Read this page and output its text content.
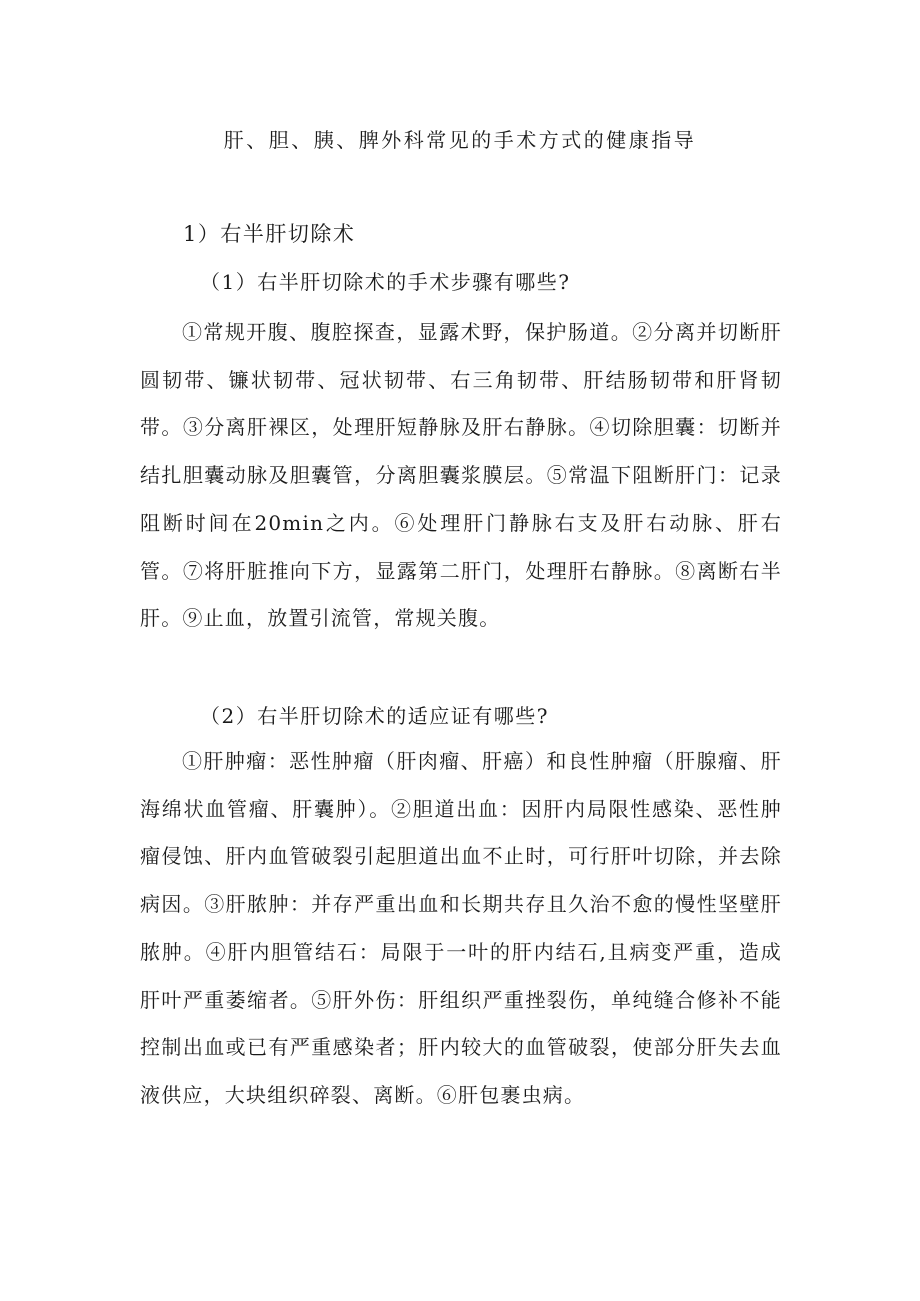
肝、胆、胰、脾外科常见的手术方式的健康指导
1）右半肝切除术
（1）右半肝切除术的手术步骤有哪些?

①常规开腹、腹腔探查，显露术野，保护肠道。②分离并切断肝圆韧带、镰状韧带、冠状韧带、右三角韧带、肝结肠韧带和肝肾韧带。③分离肝裸区，处理肝短静脉及肝右静脉。④切除胆囊：切断并结扎胆囊动脉及胆囊管，分离胆囊浆膜层。⑤常温下阻断肝门：记录阻断时间在20min之内。⑥处理肝门静脉右支及肝右动脉、肝右管。⑦将肝脏推向下方，显露第二肝门，处理肝右静脉。⑧离断右半肝。⑨止血，放置引流管，常规关腹。

（2）右半肝切除术的适应证有哪些?

①肝肿瘤：恶性肿瘤（肝肉瘤、肝癌）和良性肿瘤（肝腺瘤、肝海绵状血管瘤、肝囊肿）。②胆道出血：因肝内局限性感染、恶性肿瘤侵蚀、肝内血管破裂引起胆道出血不止时，可行肝叶切除，并去除病因。③肝脓肿：并存严重出血和长期共存且久治不愈的慢性坚壁肝脓肿。④肝内胆管结石：局限于一叶的肝内结石,且病变严重，造成肝叶严重萎缩者。⑤肝外伤：肝组织严重挫裂伤，单纯缝合修补不能控制出血或已有严重感染者；肝内较大的血管破裂，使部分肝失去血液供应，大块组织碎裂、离断。⑥肝包裹虫病。
